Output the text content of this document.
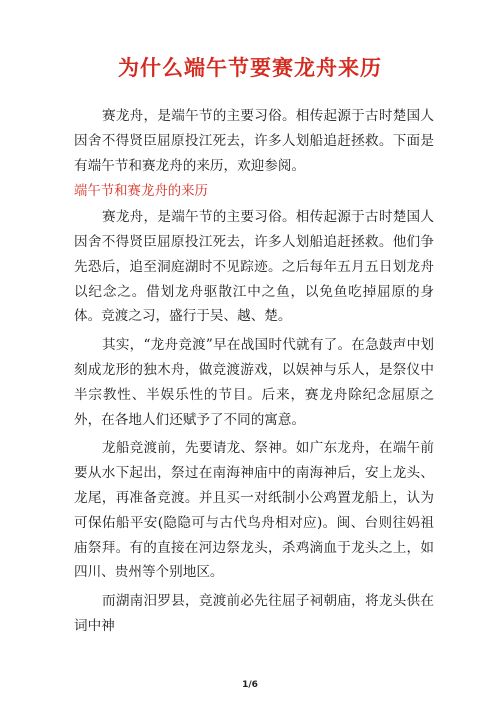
为什么端午节要赛龙舟来历

赛龙舟，是端午节的主要习俗。相传起源于古时楚国人因舍不得贤臣屈原投江死去，许多人划船追赶拯救。下面是有端午节和赛龙舟的来历，欢迎参阅。

端午节和赛龙舟的来历

赛龙舟，是端午节的主要习俗。相传起源于古时楚国人因舍不得贤臣屈原投江死去，许多人划船追赶拯救。他们争先恐后，追至洞庭湖时不见踪迹。之后每年五月五日划龙舟以纪念之。借划龙舟驱散江中之鱼，以免鱼吃掉屈原的身体。竞渡之习，盛行于吴、越、楚。

其实，“龙舟竞渡”早在战国时代就有了。在急鼓声中划刻成龙形的独木舟，做竞渡游戏，以娱神与乐人，是祭仪中半宗教性、半娱乐性的节目。后来，赛龙舟除纪念屈原之外，在各地人们还赋予了不同的寓意。

龙船竞渡前，先要请龙、祭神。如广东龙舟，在端午前要从水下起出，祭过在南海神庙中的南海神后，安上龙头、龙尾，再准备竞渡。并且买一对纸制小公鸡置龙船上，认为可保佑船平安(隐隐可与古代鸟舟相对应)。闽、台则往妈祖庙祭拜。有的直接在河边祭龙头，杀鸡滴血于龙头之上，如四川、贵州等个别地区。

而湖南汨罗县，竞渡前必先往屈子祠朝庙，将龙头供在词中神

1/6
